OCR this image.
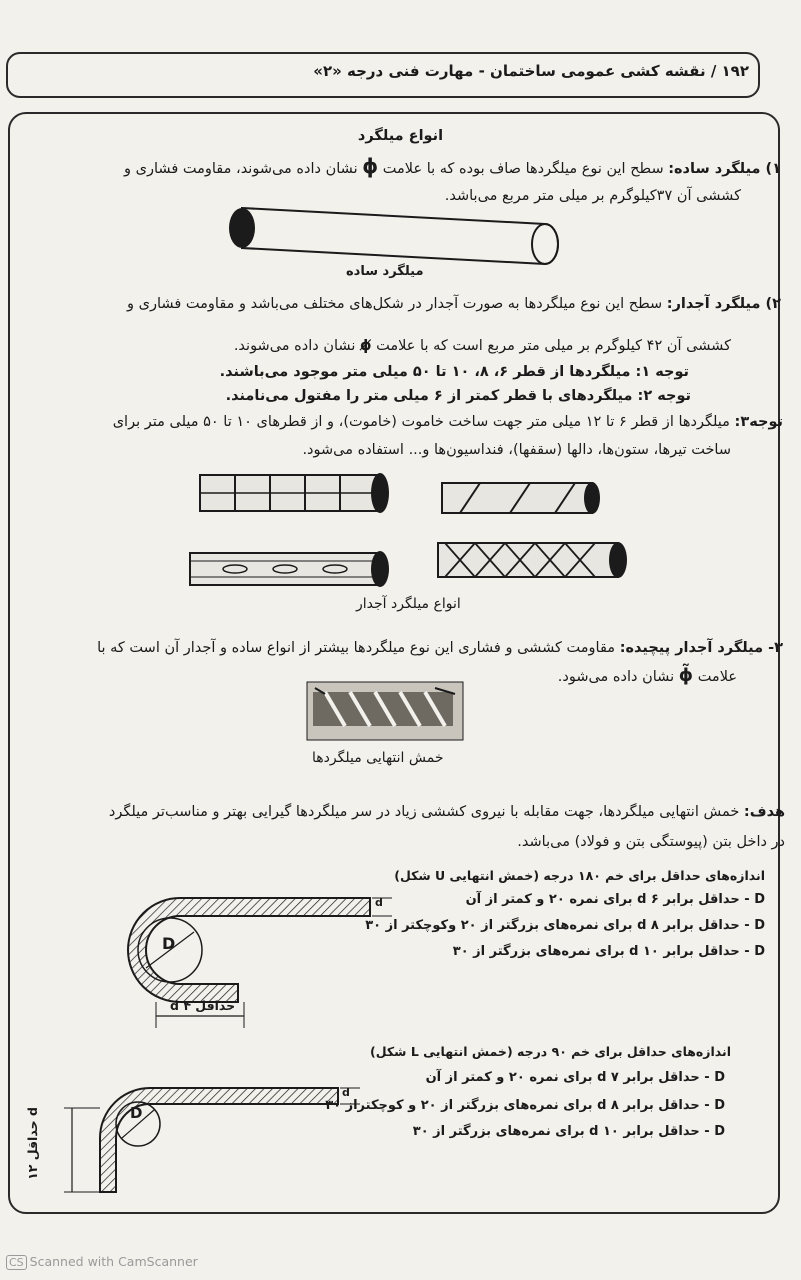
۱۹۲ / نقشه کشی عمومی ساختمان - مهارت فنی درجه «۲»
انواع میلگرد
۱) میلگرد ساده: سطح این نوع میلگردها صاف بوده که با علامت ϕ نشان داده می‌شوند، مقاومت فشاری و
کششی آن ۳۷کیلوگرم بر میلی متر مربع می‌باشد.
میلگرد ساده
۲) میلگرد آجدار: سطح این نوع میلگردها به صورت آجدار در شکل‌های مختلف می‌باشد و مقاومت فشاری و
کششی آن ۴۲ کیلوگرم بر میلی متر مربع است که با علامت ϕ̸ نشان داده می‌شوند.
توجه ۱: میلگردها از قطر ۶، ۸، ۱۰ تا ۵۰ میلی متر موجود می‌باشند.
توجه ۲: میلگردهای با قطر کمتر از ۶ میلی متر را مفتول می‌نامند.
توجه۳: میلگردها از قطر ۶ تا ۱۲ میلی متر جهت ساخت خاموت (خاموت)، و از قطرهای ۱۰ تا ۵۰ میلی متر برای
ساخت تیرها، ستون‌ها، دالها (سقفها)، فنداسیون‌ها و... استفاده می‌شود.
انواع میلگرد آجدار
۳- میلگرد آجدار پیچیده: مقاومت کششی و فشاری این نوع میلگردها بیشتر از انواع ساده و آجدار آن است که با
علامت ϕ̃ نشان داده می‌شود.
خمش انتهایی میلگردها
هدف: خمش انتهایی میلگردها، جهت مقابله با نیروی کششی زیاد در سر میلگردها گیرایی بهتر و مناسب‌تر میلگرد
در داخل بتن (پیوستگی بتن و فولاد) می‌باشد.
اندازه‌های حداقل برای خم ۱۸۰ درجه (خمش انتهایی U شکل)
D - حداقل برابر ۶ d برای نمره ۲۰ و کمتر از آن
D - حداقل برابر ۸ d برای نمره‌های بزرگتر از ۲۰ وکوچکتر از ۳۰
D - حداقل برابر ۱۰ d برای نمره‌های بزرگتر از ۳۰
D
d
حداقل ۴ d
اندازه‌های حداقل برای خم ۹۰ درجه (خمش انتهایی L شکل)
D - حداقل برابر ۷ d برای نمره ۲۰ و کمتر از آن
D - حداقل برابر ۸ d برای نمره‌های بزرگتر از ۲۰ و کوچکتراز ۳۰
D - حداقل برابر ۱۰ d برای نمره‌های بزرگتر از ۳۰
D
d
حداقل ۱۲ d
CS Scanned with CamScanner
